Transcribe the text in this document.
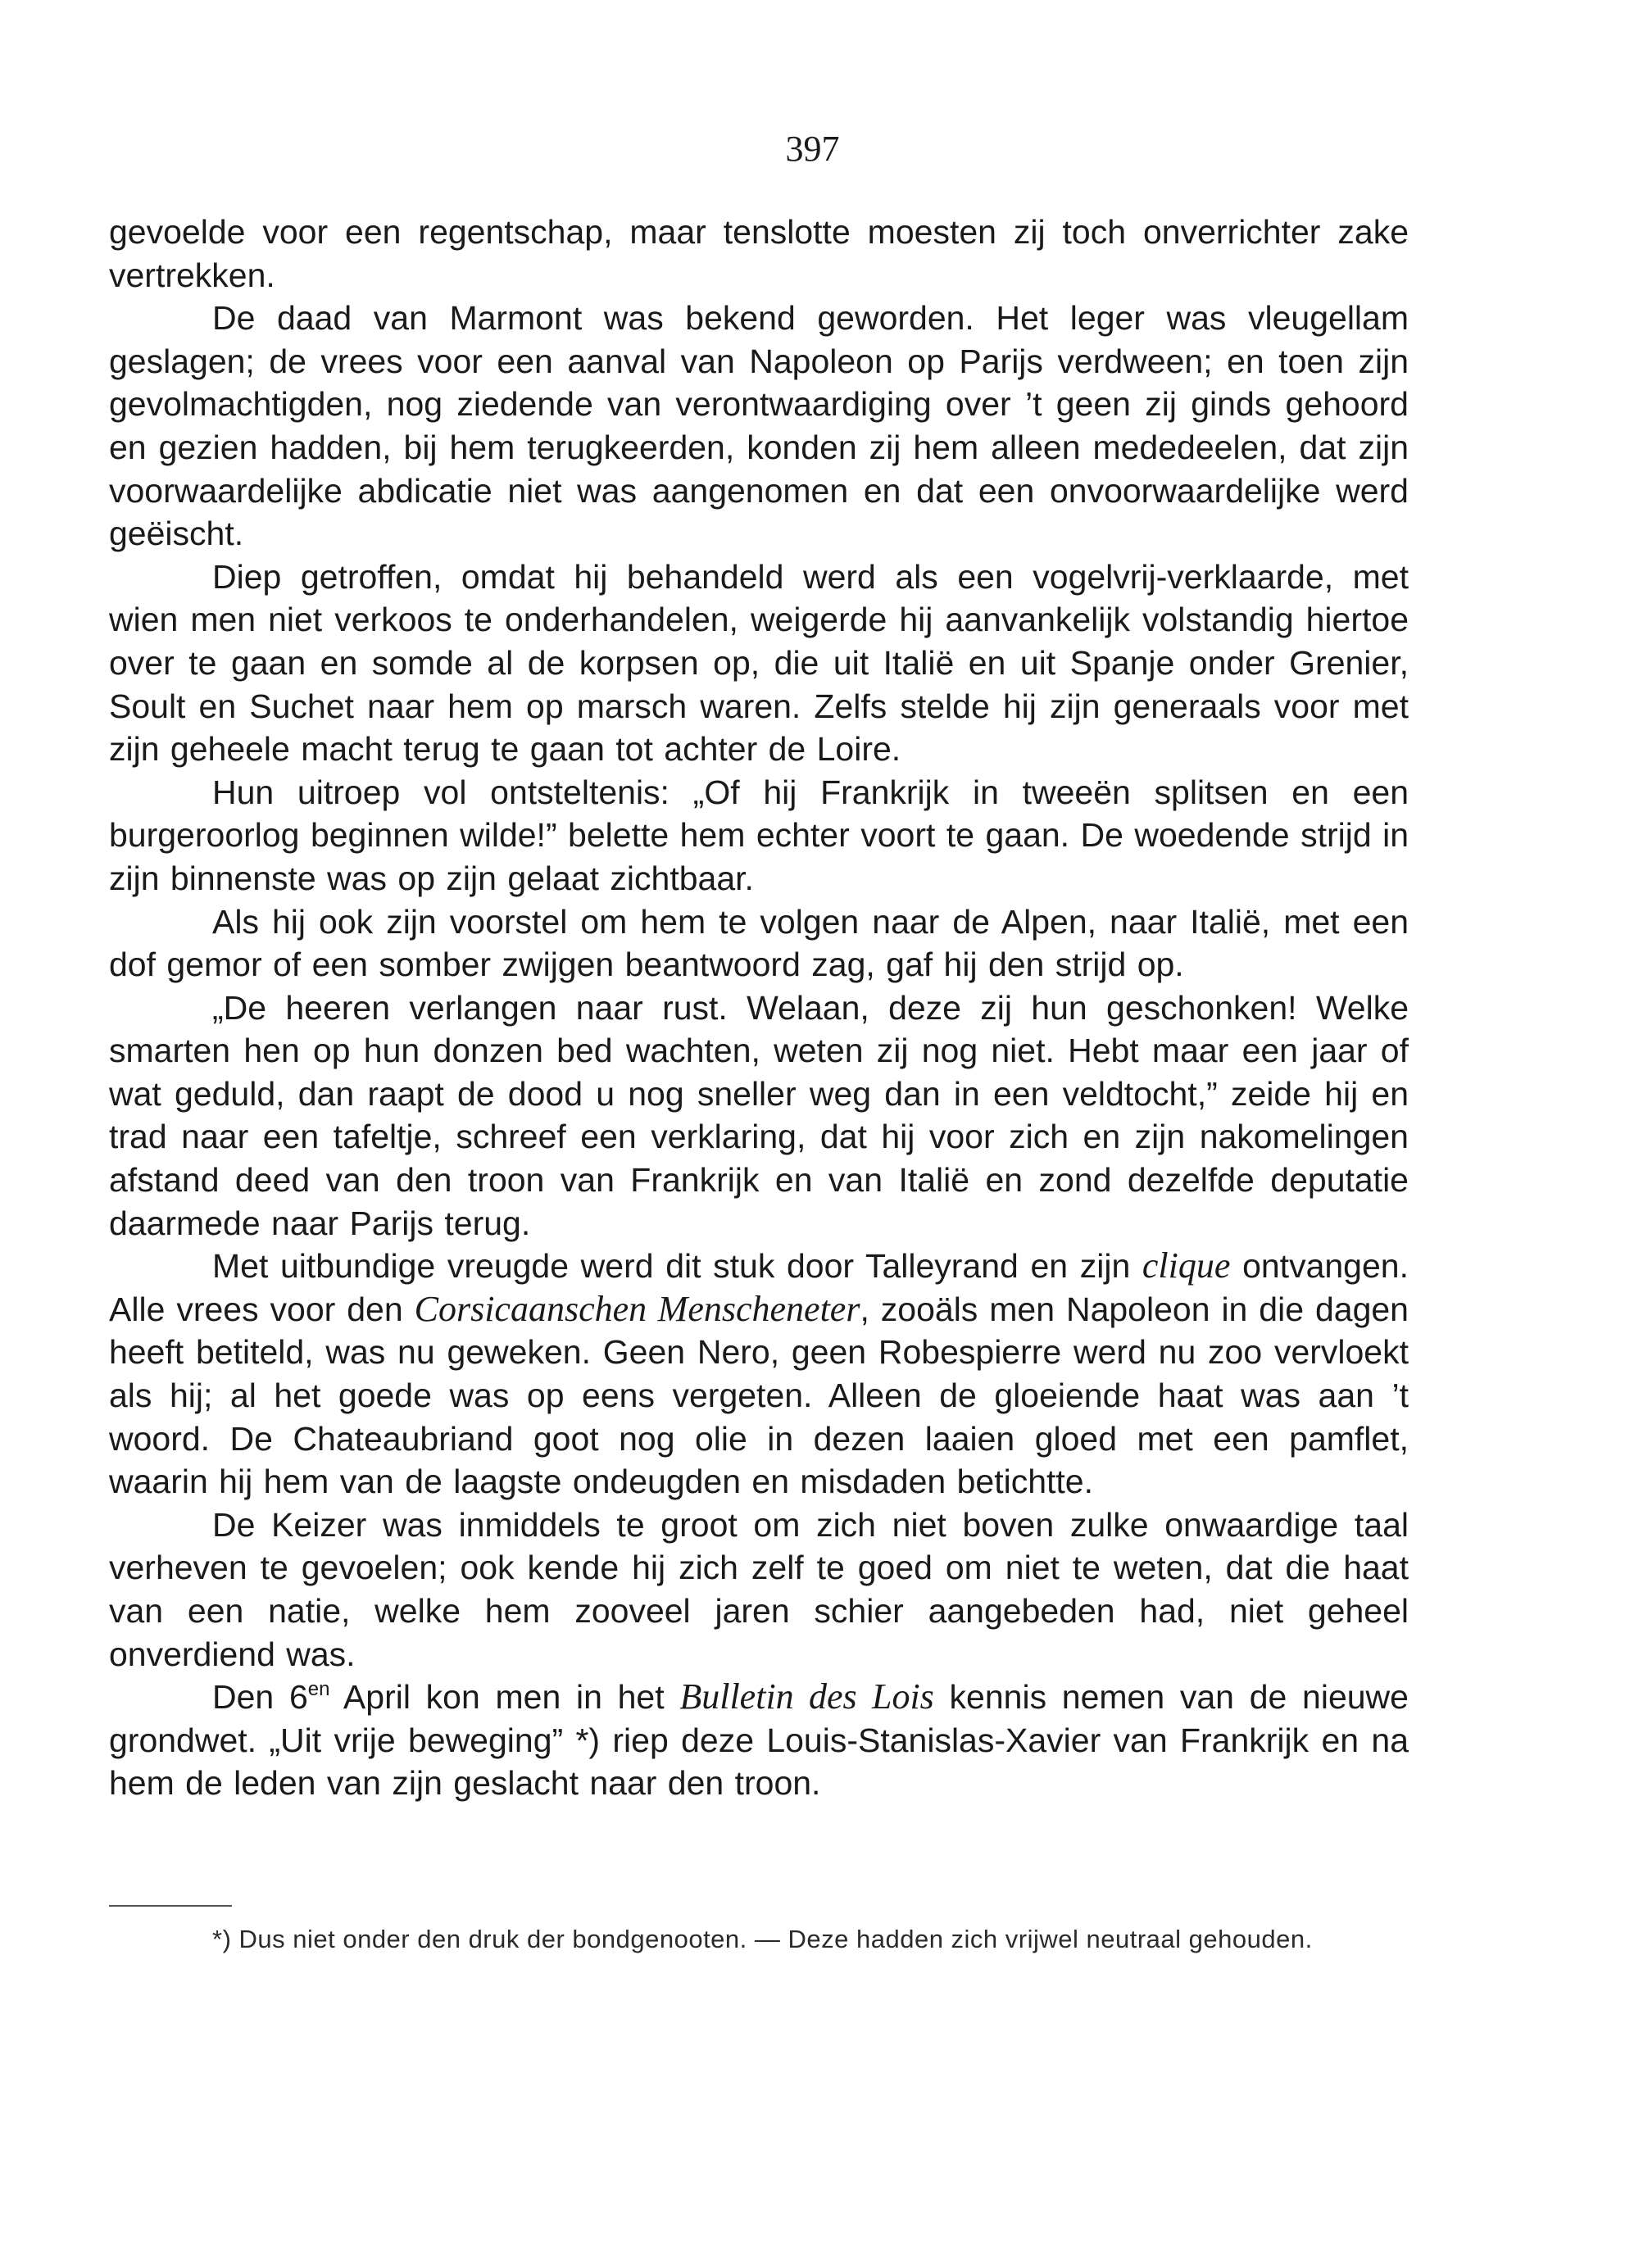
397

gevoelde voor een regentschap, maar tenslotte moesten zij toch onverrichter zake vertrekken.

De daad van Marmont was bekend geworden. Het leger was vleugellam geslagen; de vrees voor een aanval van Napoleon op Parijs verdween; en toen zijn gevolmachtigden, nog ziedende van verontwaardiging over ’t geen zij ginds gehoord en gezien hadden, bij hem terugkeerden, konden zij hem alleen mededeelen, dat zijn voorwaardelijke abdicatie niet was aangenomen en dat een onvoorwaardelijke werd geëischt.

Diep getroffen, omdat hij behandeld werd als een vogelvrij-verklaarde, met wien men niet verkoos te onderhandelen, weigerde hij aanvankelijk volstandig hiertoe over te gaan en somde al de korpsen op, die uit Italië en uit Spanje onder Grenier, Soult en Suchet naar hem op marsch waren. Zelfs stelde hij zijn generaals voor met zijn geheele macht terug te gaan tot achter de Loire.

Hun uitroep vol ontsteltenis: „Of hij Frankrijk in tweeën splitsen en een burgeroorlog beginnen wilde!” belette hem echter voort te gaan. De woedende strijd in zijn binnenste was op zijn gelaat zichtbaar.

Als hij ook zijn voorstel om hem te volgen naar de Alpen, naar Italië, met een dof gemor of een somber zwijgen beantwoord zag, gaf hij den strijd op.

„De heeren verlangen naar rust. Welaan, deze zij hun geschonken! Welke smarten hen op hun donzen bed wachten, weten zij nog niet. Hebt maar een jaar of wat geduld, dan raapt de dood u nog sneller weg dan in een veldtocht,” zeide hij en trad naar een tafeltje, schreef een verklaring, dat hij voor zich en zijn nakomelingen afstand deed van den troon van Frankrijk en van Italië en zond dezelfde deputatie daarmede naar Parijs terug.

Met uitbundige vreugde werd dit stuk door Talleyrand en zijn clique ontvangen. Alle vrees voor den Corsicaanschen Menscheneter, zooäls men Napoleon in die dagen heeft betiteld, was nu geweken. Geen Nero, geen Robespierre werd nu zoo vervloekt als hij; al het goede was op eens vergeten. Alleen de gloeiende haat was aan ’t woord. De Chateaubriand goot nog olie in dezen laaien gloed met een pamflet, waarin hij hem van de laagste ondeugden en misdaden betichtte.

De Keizer was inmiddels te groot om zich niet boven zulke onwaardige taal verheven te gevoelen; ook kende hij zich zelf te goed om niet te weten, dat die haat van een natie, welke hem zooveel jaren schier aangebeden had, niet geheel onverdiend was.

Den $6^{en}$ April kon men in het Bulletin des Lois kennis nemen van de nieuwe grondwet. „Uit vrije beweging” *) riep deze Louis-Stanislas-Xavier van Frankrijk en na hem de leden van zijn geslacht naar den troon.

*) Dus niet onder den druk der bondgenooten. — Deze hadden zich vrijwel neutraal gehouden.
